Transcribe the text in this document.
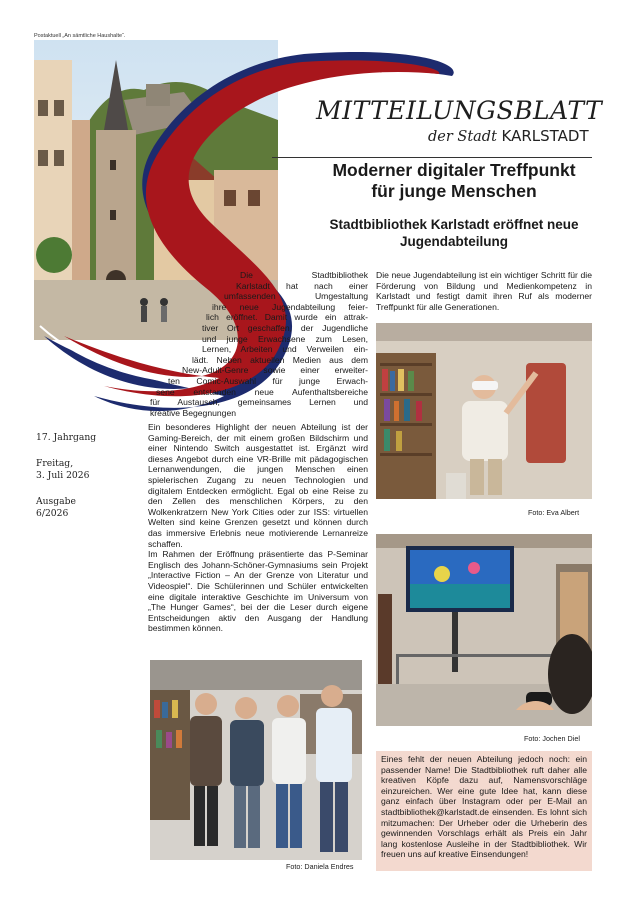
Postaktuell „An sämtliche Haushalte“.
MITTEILUNGSBLATT
der Stadt KARLSTADT
Moderner digitaler Treffpunkt
für junge Menschen
Stadtbibliothek Karlstadt eröffnet neue
Jugendabteilung
Die Stadtbibliothek
Karlstadt hat nach einer
umfassenden Umgestaltung
ihre neue Jugendabteilung feier-
lich eröffnet. Damit wurde ein attrak-
tiver Ort geschaffen, der Jugendliche
und junge Erwachsene zum Lesen,
Lernen, Arbeiten und Verweilen ein-
lädt. Neben aktuellen Medien aus dem
New-Adult-Genre sowie einer erweiter-
ten Comic-Auswahl für junge Erwach-
sene entstanden neue Aufenthaltsbereiche
für Austausch, gemeinsames Lernen und
kreative Begegnungen

Ein besonderes Highlight der neuen Abteilung ist der Gaming-Bereich, der mit einem großen Bildschirm und einer Nintendo Switch ausgestattet ist. Ergänzt wird dieses Angebot durch eine VR-Brille mit pädagogischen Lernanwendungen, die jungen Menschen einen spielerischen Zugang zu neuen Technologien und digitalem Entdecken ermöglicht. Egal ob eine Reise zu den Zellen des menschlichen Körpers, zu den Wolkenkratzern New York Cities oder zur ISS: virtuellen Welten sind keine Grenzen gesetzt und können durch das immersive Erlebnis neue motivierende Lernanreize schaffen.

Im Rahmen der Eröffnung präsentierte das P-Seminar Englisch des Johann-Schöner-Gymnasiums sein Projekt „Interactive Fiction – An der Grenze von Literatur und Videospiel“. Die Schülerinnen und Schüler entwickelten eine digitale interaktive Geschichte im Universum von „The Hunger Games“, bei der die Leser durch eigene Entscheidungen aktiv den Ausgang der Handlung bestimmen können.

17. Jahrgang
Freitag,
3. Juli 2026
Ausgabe
6/2026

Die neue Jugendabteilung ist ein wichtiger Schritt für die Förderung von Bildung und Medienkompetenz in Karlstadt und festigt damit ihren Ruf als moderner Treffpunkt für alle Generationen.

Foto: Eva Albert
Foto: Jochen Diel

Eines fehlt der neuen Abteilung jedoch noch: ein passender Name! Die Stadtbibliothek ruft daher alle kreativen Köpfe dazu auf, Namensvorschläge einzureichen. Wer eine gute Idee hat, kann diese ganz einfach über Instagram oder per E-Mail an stadtbibliothek@karlstadt.de einsenden. Es lohnt sich mitzumachen: Der Urheber oder die Urheberin des gewinnenden Vorschlags erhält als Preis ein Jahr lang kostenlose Ausleihe in der Stadtbibliothek. Wir freuen uns auf kreative Einsendungen!

Foto: Daniela Endres
